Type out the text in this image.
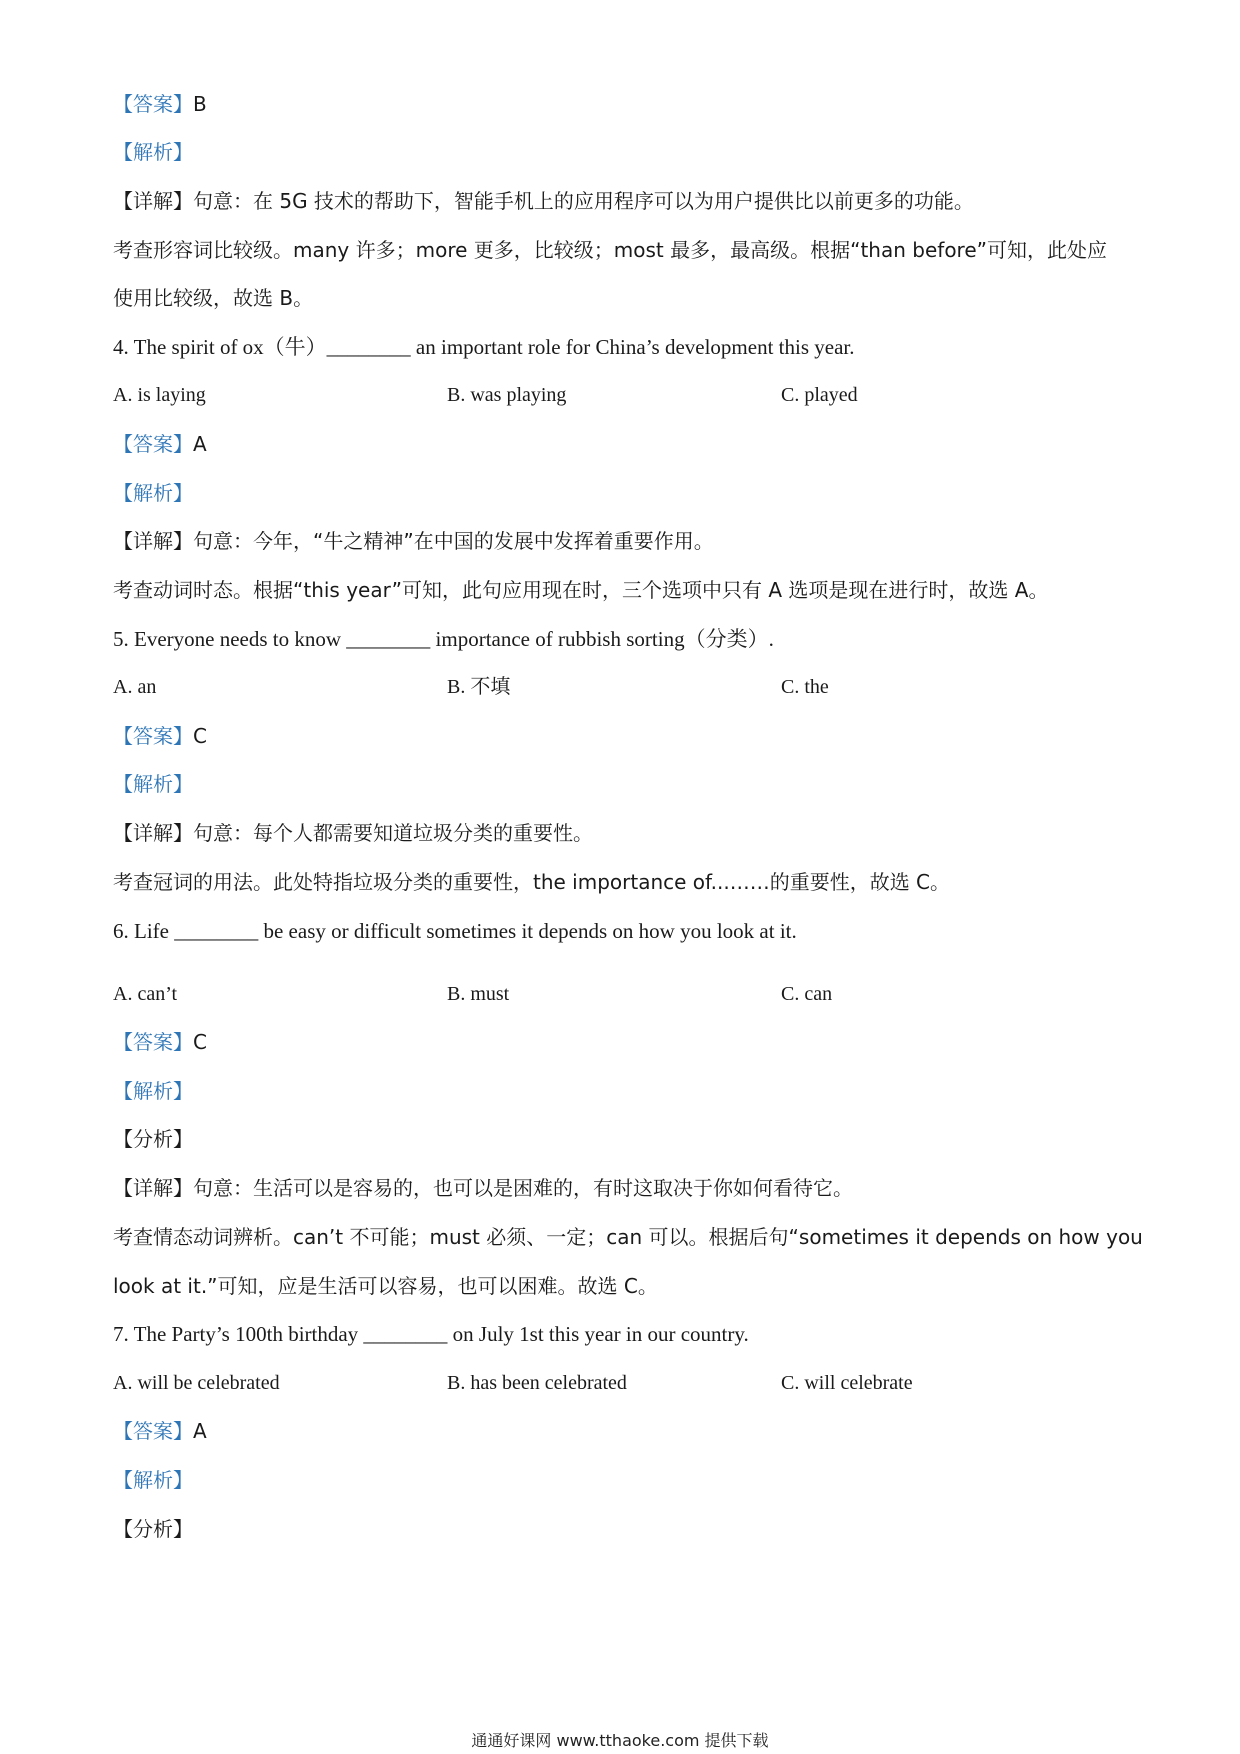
【答案】B
【解析】
【详解】句意：在 5G 技术的帮助下，智能手机上的应用程序可以为用户提供比以前更多的功能。
考查形容词比较级。many 许多；more 更多，比较级；most 最多，最高级。根据“than before”可知，此处应
使用比较级，故选 B。
4. The spirit of ox（牛）________ an important role for China’s development this year.
A. is laying	B. was playing	C. played
【答案】A
【解析】
【详解】句意：今年，“牛之精神”在中国的发展中发挥着重要作用。
考查动词时态。根据“this year”可知，此句应用现在时，三个选项中只有 A 选项是现在进行时，故选 A。
5. Everyone needs to know ________ importance of rubbish sorting（分类）.
A. an	B. 不填	C. the
【答案】C
【解析】
【详解】句意：每个人都需要知道垃圾分类的重要性。
考查冠词的用法。此处特指垃圾分类的重要性，the importance of...……的重要性，故选 C。
6. Life ________ be easy or difficult sometimes it depends on how you look at it.
A. can’t	B. must	C. can
【答案】C
【解析】
【分析】
【详解】句意：生活可以是容易的，也可以是困难的，有时这取决于你如何看待它。
考查情态动词辨析。can’t 不可能；must 必须、一定；can 可以。根据后句“sometimes it depends on how you
look at it.”可知，应是生活可以容易，也可以困难。故选 C。
7. The Party’s 100th birthday ________ on July 1st this year in our country.
A. will be celebrated	B. has been celebrated	C. will celebrate
【答案】A
【解析】
【分析】
通通好课网 www.tthaoke.com 提供下载
